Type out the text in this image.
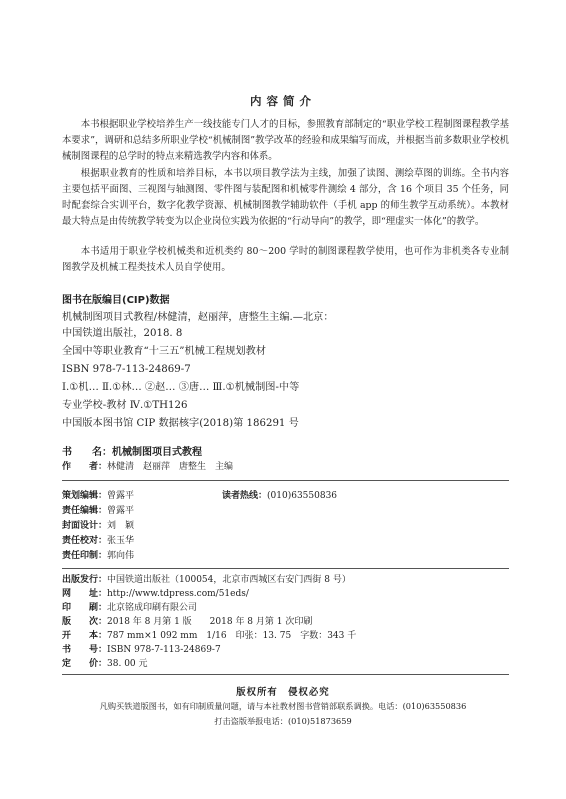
内容简介

本书根据职业学校培养生产一线技能专门人才的目标，参照教育部制定的“职业学校工程制图课程教学基本要求”，调研和总结多所职业学校“机械制图”教学改革的经验和成果编写而成，并根据当前多数职业学校机械制图课程的总学时的特点来精选教学内容和体系。

根据职业教育的性质和培养目标，本书以项目教学法为主线，加强了读图、测绘草图的训练。全书内容主要包括平面图、三视图与轴测图、零件图与装配图和机械零件测绘 4 部分，含 16 个项目 35 个任务，同时配套综合实训平台，数字化教学资源、机械制图教学辅助软件（手机 app 的师生教学互动系统）。本教材最大特点是由传统教学转变为以企业岗位实践为依据的“行动导向”的教学，即“理虚实一体化”的教学。

本书适用于职业学校机械类和近机类约 80～200 学时的制图课程教学使用，也可作为非机类各专业制图教学及机械工程类技术人员自学使用。

图书在版编目(CIP)数据
机械制图项目式教程/林健清，赵丽萍，唐整生主编.—北京：
中国铁道出版社，2018. 8
全国中等职业教育“十三五”机械工程规划教材
ISBN 978-7-113-24869-7
Ⅰ.①机… Ⅱ.①林… ②赵… ③唐… Ⅲ.①机械制图-中等
专业学校-教材 Ⅳ.①TH126
中国版本图书馆 CIP 数据核字(2018)第 186291 号
书　　名：机械制图项目式教程
作　　者：林健清　赵丽萍　唐整生　主编
策划编辑：曾露平	读者热线：(010)63550836
责任编辑：曾露平
封面设计：刘　颖
责任校对：张玉华
责任印制：郭向伟
出版发行：中国铁道出版社（100054，北京市西城区右安门西街 8 号）
网　　址：http://www.tdpress.com/51eds/
印　　刷：北京铭成印刷有限公司
版　　次：2018 年 8 月第 1 版　　2018 年 8 月第 1 次印刷
开　　本：787 mm×1 092 mm　1/16　印张：13. 75　字数：343 千
书　　号：ISBN 978-7-113-24869-7
定　　价：38. 00 元
版权所有　侵权必究
凡购买铁道版图书，如有印制质量问题，请与本社教材图书营销部联系调换。电话：(010)63550836
打击盗版举报电话：(010)51873659
